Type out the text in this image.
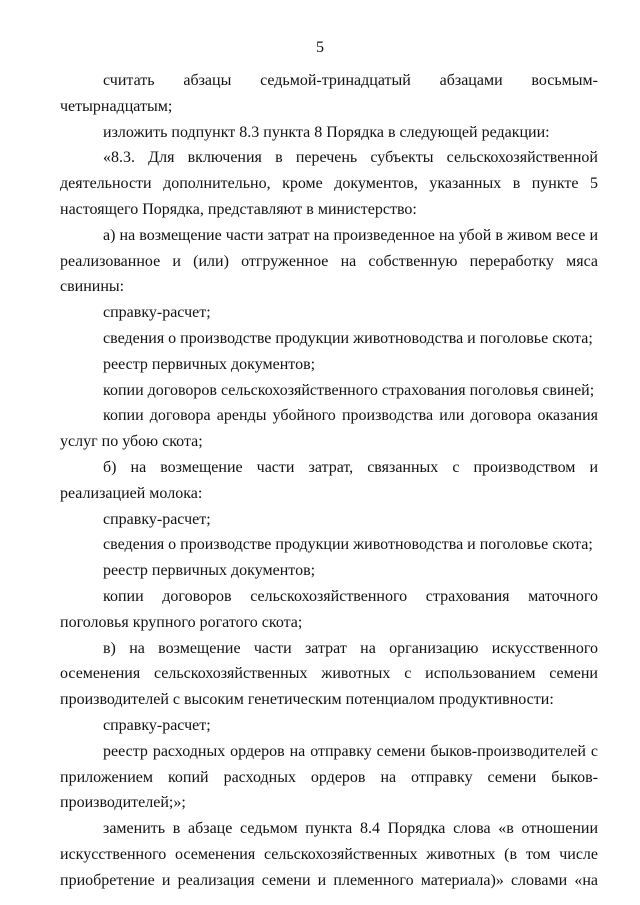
5

считать абзацы седьмой-тринадцатый абзацами восьмым-четырнадцатым;

изложить подпункт 8.3 пункта 8 Порядка в следующей редакции:

«8.3. Для включения в перечень субъекты сельскохозяйственной деятельности дополнительно, кроме документов, указанных в пункте 5 настоящего Порядка, представляют в министерство:

а) на возмещение части затрат на произведенное на убой в живом весе и реализованное и (или) отгруженное на собственную переработку мяса свинины:

справку-расчет;

сведения о производстве продукции животноводства и поголовье скота;

реестр первичных документов;

копии договоров сельскохозяйственного страхования поголовья свиней;

копии договора аренды убойного производства или договора оказания услуг по убою скота;

б) на возмещение части затрат, связанных с производством и реализацией молока:

справку-расчет;

сведения о производстве продукции животноводства и поголовье скота;

реестр первичных документов;

копии договоров сельскохозяйственного страхования маточного поголовья крупного рогатого скота;

в) на возмещение части затрат на организацию искусственного осеменения сельскохозяйственных животных с использованием семени производителей с высоким генетическим потенциалом продуктивности:

справку-расчет;

реестр расходных ордеров на отправку семени быков-производителей с приложением копий расходных ордеров на отправку семени быков-производителей;»;

заменить в абзаце седьмом пункта 8.4 Порядка слова «в отношении искусственного осеменения сельскохозяйственных животных (в том числе приобретение и реализация семени и племенного материала)» словами «на
